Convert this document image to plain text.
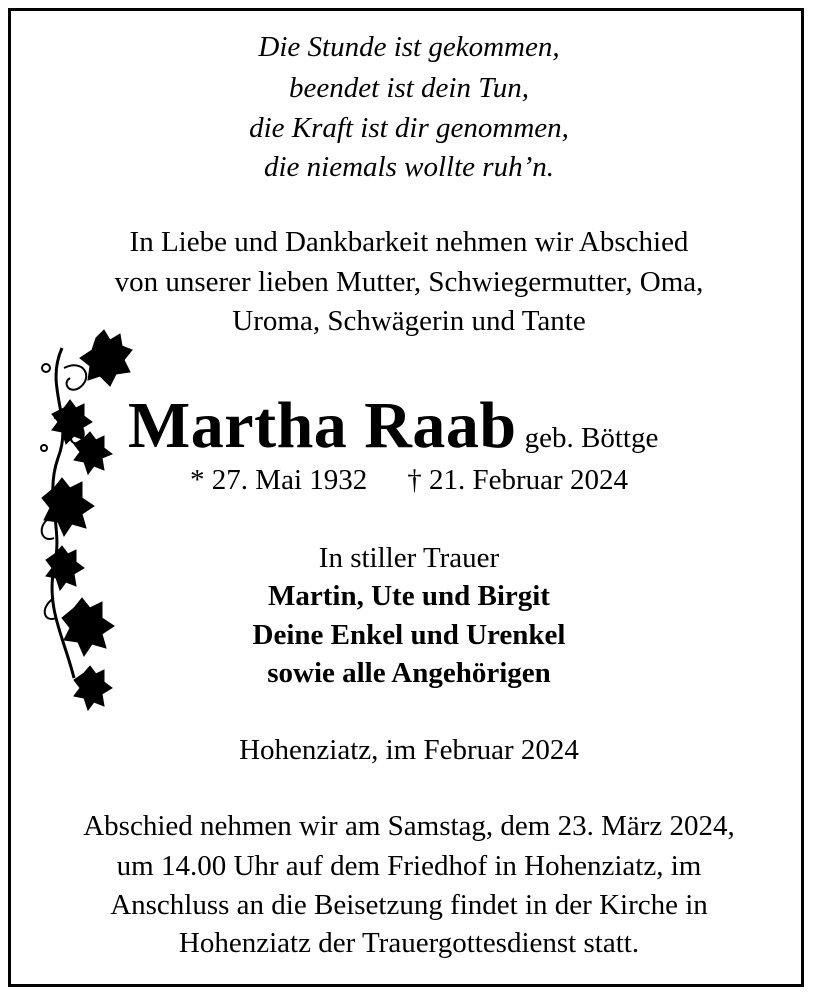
Die Stunde ist gekommen,
beendet ist dein Tun,
die Kraft ist dir genommen,
die niemals wollte ruh’n.
In Liebe und Dankbarkeit nehmen wir Abschied
von unserer lieben Mutter, Schwiegermutter, Oma,
Uroma, Schwägerin und Tante
Martha Raab geb. Böttge
* 27. Mai 1932 † 21. Februar 2024
In stiller Trauer
Martin, Ute und Birgit
Deine Enkel und Urenkel
sowie alle Angehörigen
Hohenziatz, im Februar 2024
Abschied nehmen wir am Samstag, dem 23. März 2024,
um 14.00 Uhr auf dem Friedhof in Hohenziatz, im
Anschluss an die Beisetzung findet in der Kirche in
Hohenziatz der Trauergottesdienst statt.
